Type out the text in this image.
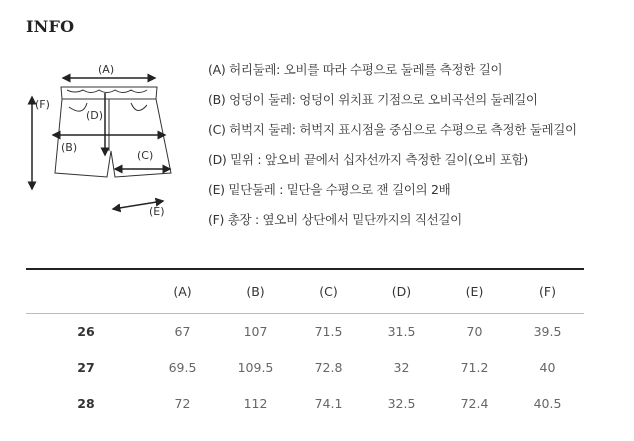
INFO
(A)
(D)
(B)
(C)
(F)
(E)
(A) 허리둘레: 오비를 따라 수평으로 둘레를 측정한 길이
(B) 엉덩이 둘레: 엉덩이 위치표 기점으로 오비곡선의 둘레길이
(C) 허벅지 둘레: 허벅지 표시점을 중심으로 수평으로 측정한 둘레길이
(D) 밑위 : 앞오비 끝에서 십자선까지 측정한 길이(오비 포함)
(E) 밑단둘레 : 밑단을 수평으로 잰 길이의 2배
(F) 총장 : 옆오비 상단에서 밑단까지의 직선길이
	(A)	(B)	(C)	(D)	(E)	(F)
26	67	107	71.5	31.5	70	39.5
27	69.5	109.5	72.8	32	71.2	40
28	72	112	74.1	32.5	72.4	40.5
